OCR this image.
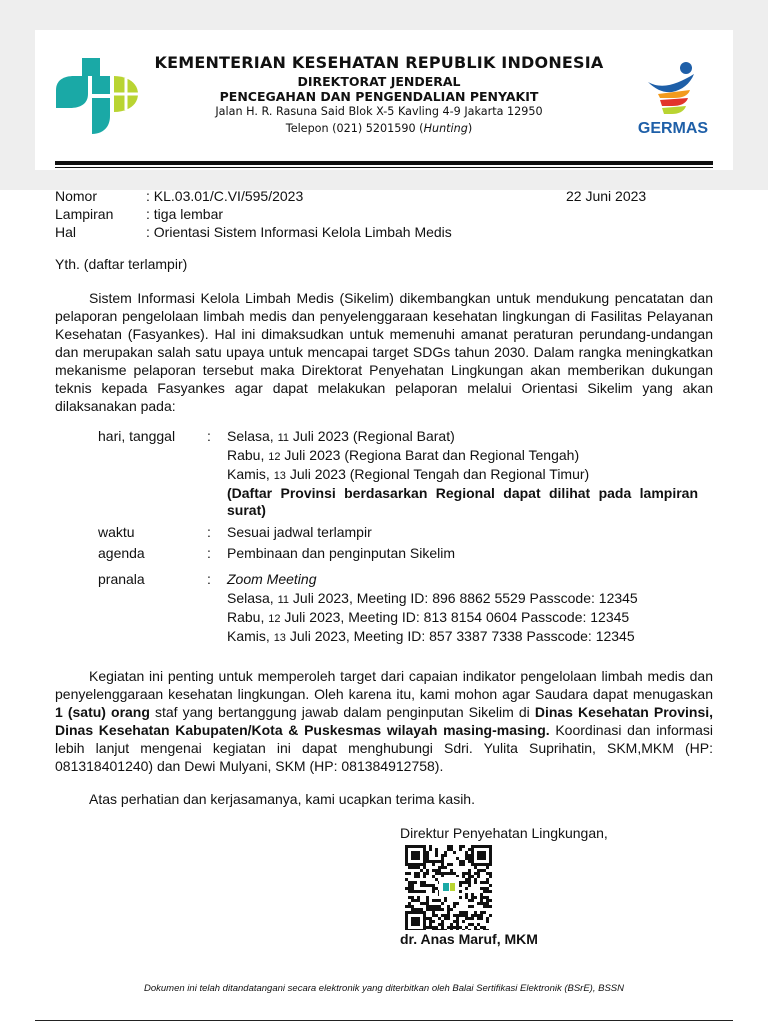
KEMENTERIAN KESEHATAN REPUBLIK INDONESIA
DIREKTORAT JENDERAL
PENCEGAHAN DAN PENGENDALIAN PENYAKIT
Jalan H. R. Rasuna Said Blok X-5 Kavling 4-9 Jakarta 12950
Telepon (021) 5201590 (Hunting)	GERMAS
Nomor	: KL.03.01/C.VI/595/2023
Lampiran	: tiga lembar
Hal	: Orientasi Sistem Informasi Kelola Limbah Medis
22 Juni 2023
Yth. (daftar terlampir)
Sistem Informasi Kelola Limbah Medis (Sikelim) dikembangkan untuk mendukung pencatatan dan pelaporan pengelolaan limbah medis dan penyelenggaraan kesehatan lingkungan di Fasilitas Pelayanan Kesehatan (Fasyankes). Hal ini dimaksudkan untuk memenuhi amanat peraturan perundang-undangan dan merupakan salah satu upaya untuk mencapai target SDGs tahun 2030. Dalam rangka meningkatkan mekanisme pelaporan tersebut maka Direktorat Penyehatan Lingkungan akan memberikan dukungan teknis kepada Fasyankes agar dapat melakukan pelaporan melalui Orientasi Sikelim yang akan dilaksanakan pada:
hari, tanggal	:	Selasa, 11 Juli 2023 (Regional Barat)
Rabu, 12 Juli 2023 (Regiona Barat dan Regional Tengah)
Kamis, 13 Juli 2023 (Regional Tengah dan Regional Timur)
(Daftar Provinsi berdasarkan Regional dapat dilihat pada lampiran surat)
waktu	:	Sesuai jadwal terlampir
agenda	:	Pembinaan dan penginputan Sikelim
pranala	:	Zoom Meeting
Selasa, 11 Juli 2023, Meeting ID: 896 8862 5529 Passcode: 12345
Rabu, 12 Juli 2023, Meeting ID: 813 8154 0604 Passcode: 12345
Kamis, 13 Juli 2023, Meeting ID: 857 3387 7338 Passcode: 12345
Kegiatan ini penting untuk memperoleh target dari capaian indikator pengelolaan limbah medis dan penyelenggaraan kesehatan lingkungan. Oleh karena itu, kami mohon agar Saudara dapat menugaskan 1 (satu) orang staf yang bertanggung jawab dalam penginputan Sikelim di Dinas Kesehatan Provinsi, Dinas Kesehatan Kabupaten/Kota & Puskesmas wilayah masing-masing. Koordinasi dan informasi lebih lanjut mengenai kegiatan ini dapat menghubungi Sdri. Yulita Suprihatin, SKM,MKM (HP: 081318401240) dan Dewi Mulyani, SKM (HP: 081384912758).
Atas perhatian dan kerjasamanya, kami ucapkan terima kasih.
Direktur Penyehatan Lingkungan,
dr. Anas Maruf, MKM
Dokumen ini telah ditandatangani secara elektronik yang diterbitkan oleh Balai Sertifikasi Elektronik (BSrE), BSSN
